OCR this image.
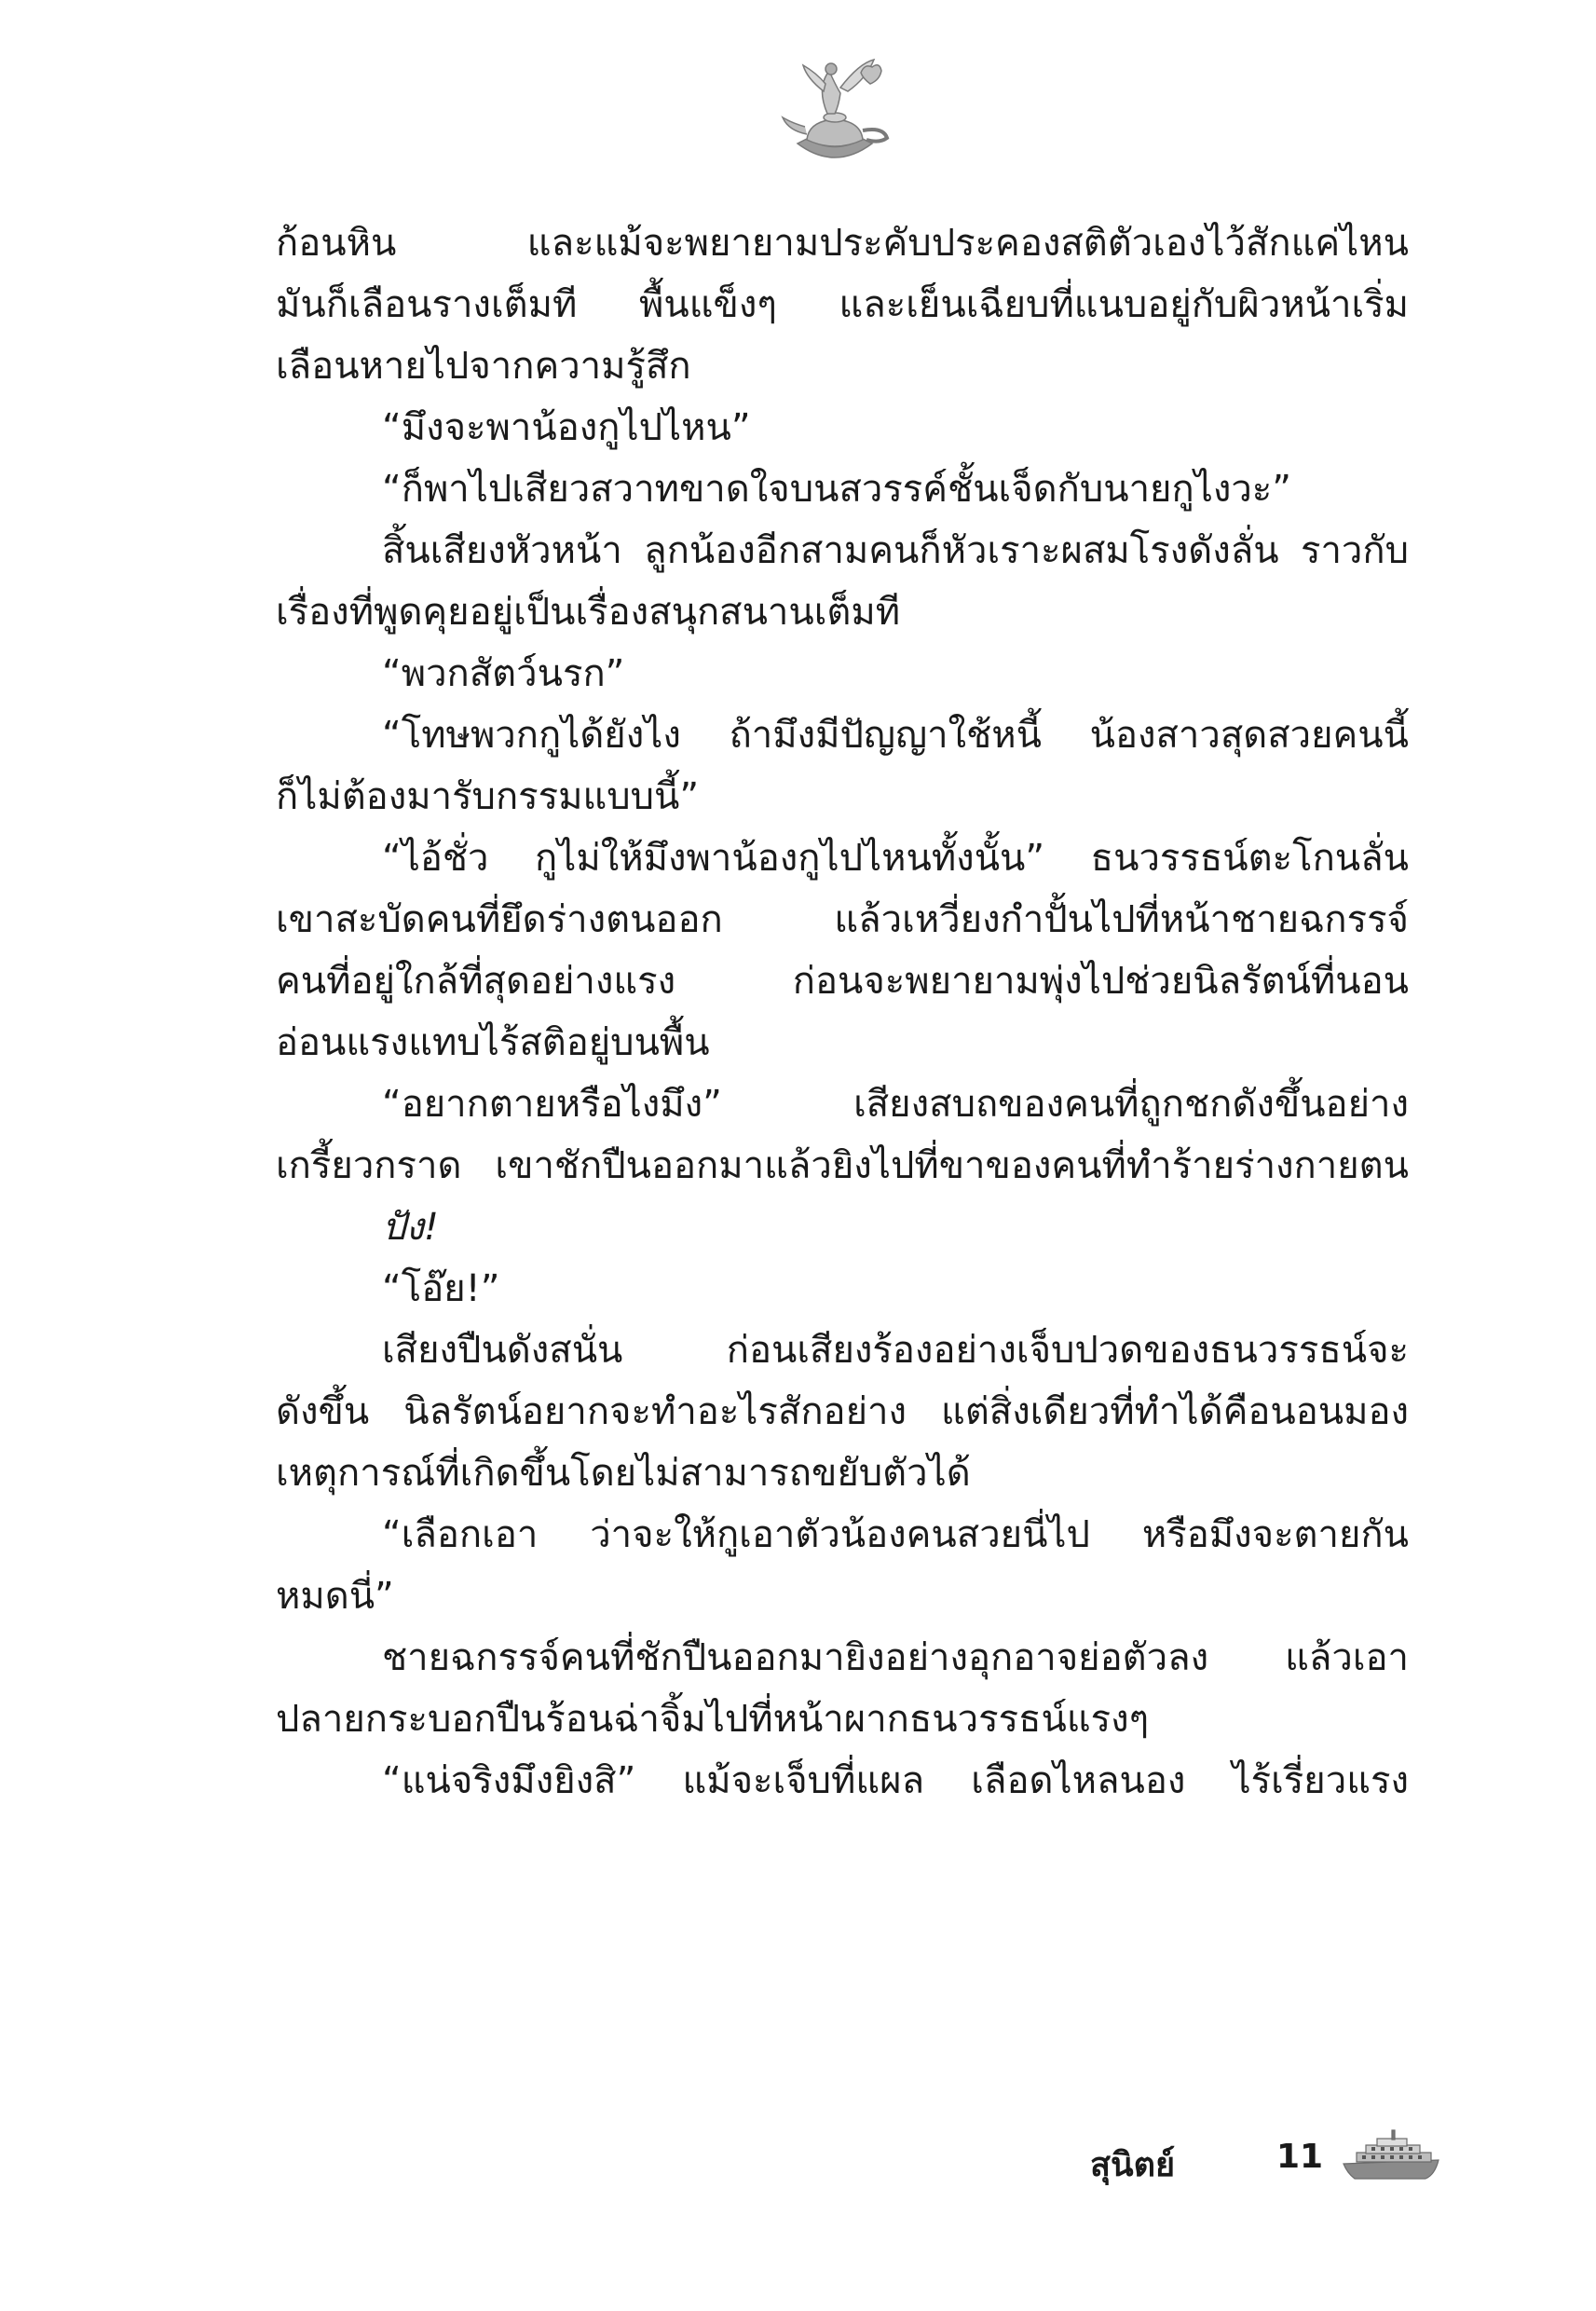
ก้อนหิน และแม้จะพยายามประคับประคองสติตัวเองไว้สักแค่ไหน

มันก็เลือนรางเต็มที พื้นแข็งๆ และเย็นเฉียบที่แนบอยู่กับผิวหน้าเริ่ม

เลือนหายไปจากความรู้สึก

“มึงจะพาน้องกูไปไหน”

“ก็พาไปเสียวสวาทขาดใจบนสวรรค์ชั้นเจ็ดกับนายกูไงวะ”

สิ้นเสียงหัวหน้า ลูกน้องอีกสามคนก็หัวเราะผสมโรงดังลั่น ราวกับ

เรื่องที่พูดคุยอยู่เป็นเรื่องสนุกสนานเต็มที

“พวกสัตว์นรก”

“โทษพวกกูได้ยังไง ถ้ามึงมีปัญญาใช้หนี้ น้องสาวสุดสวยคนนี้

ก็ไม่ต้องมารับกรรมแบบนี้”

“ไอ้ชั่ว กูไม่ให้มึงพาน้องกูไปไหนทั้งนั้น” ธนวรรธน์ตะโกนลั่น

เขาสะบัดคนที่ยึดร่างตนออก แล้วเหวี่ยงกำปั้นไปที่หน้าชายฉกรรจ์

คนที่อยู่ใกล้ที่สุดอย่างแรง ก่อนจะพยายามพุ่งไปช่วยนิลรัตน์ที่นอน

อ่อนแรงแทบไร้สติอยู่บนพื้น

“อยากตายหรือไงมึง” เสียงสบถของคนที่ถูกชกดังขึ้นอย่าง

เกรี้ยวกราด เขาชักปืนออกมาแล้วยิงไปที่ขาของคนที่ทำร้ายร่างกายตน

ปัง!

“โอ๊ย!”

เสียงปืนดังสนั่น ก่อนเสียงร้องอย่างเจ็บปวดของธนวรรธน์จะ

ดังขึ้น นิลรัตน์อยากจะทำอะไรสักอย่าง แต่สิ่งเดียวที่ทำได้คือนอนมอง

เหตุการณ์ที่เกิดขึ้นโดยไม่สามารถขยับตัวได้

“เลือกเอา ว่าจะให้กูเอาตัวน้องคนสวยนี่ไป หรือมึงจะตายกัน

หมดนี่”

ชายฉกรรจ์คนที่ชักปืนออกมายิงอย่างอุกอาจย่อตัวลง แล้วเอา

ปลายกระบอกปืนร้อนฉ่าจิ้มไปที่หน้าผากธนวรรธน์แรงๆ

“แน่จริงมึงยิงสิ” แม้จะเจ็บที่แผล เลือดไหลนอง ไร้เรี่ยวแรง

สุนิตย์	11
